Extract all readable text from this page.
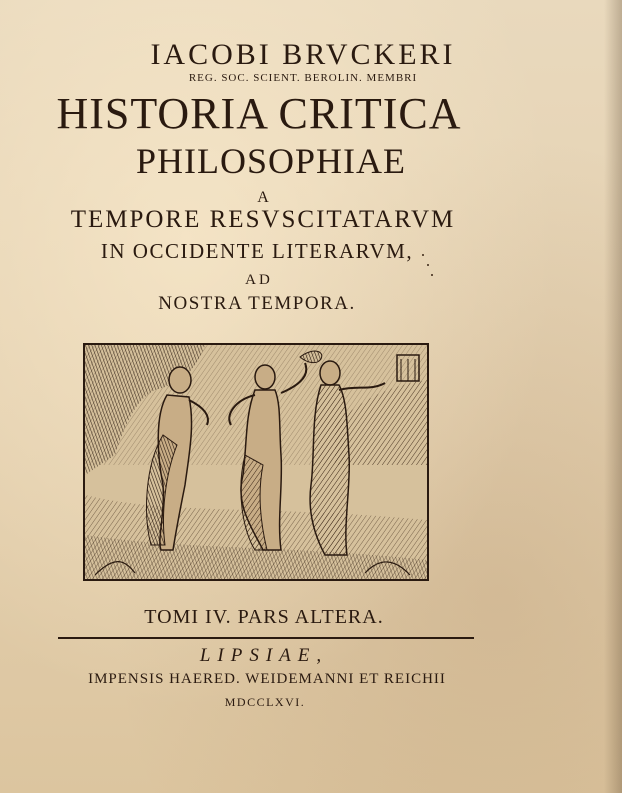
IACOBI BRVCKERI
REG. SOC. SCIENT. BEROLIN. MEMBRI
HISTORIA CRITICA
PHILOSOPHIAE
A
TEMPORE RESVSCITATARVM
IN OCCIDENTE LITERARVM,
AD
NOSTRA TEMPORA.
TOMI IV. PARS ALTERA.
LIPSIAE,
IMPENSIS HAERED. WEIDEMANNI ET REICHII
MDCCLXVI.
